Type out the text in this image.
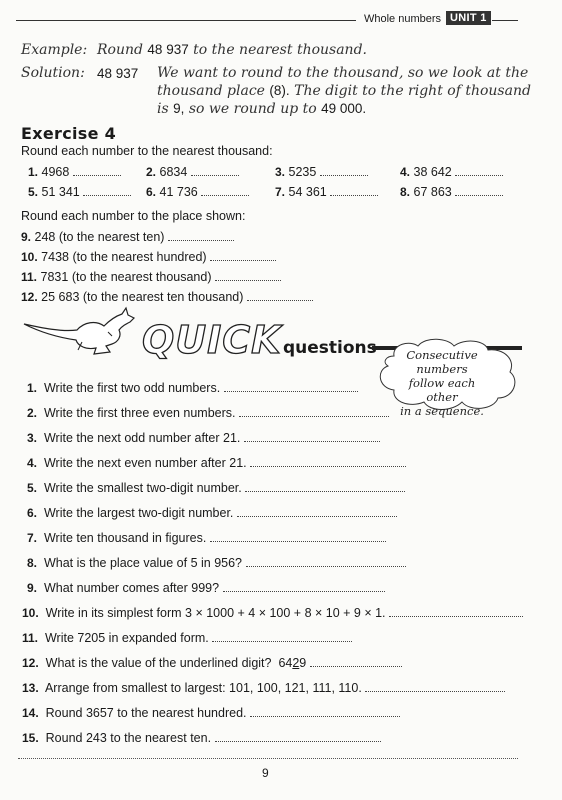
Whole numbers UNIT 1
Example: Round 48 937 to the nearest thousand.
Solution: 48 937 We want to round to the thousand, so we look at the
thousand place (8). The digit to the right of thousand
is 9, so we round up to 49 000.
Exercise 4
Round each number to the nearest thousand:
1. 4968	2. 6834	3. 5235	4. 38 642
5. 51 341	6. 41 736	7. 54 361	8. 67 863
Round each number to the place shown:
9. 248 (to the nearest ten)
10. 7438 (to the nearest hundred)
11. 7831 (to the nearest thousand)
12. 25 683 (to the nearest ten thousand)
QUICK questions	Consecutive
numbers
follow each other
in a sequence.
1. Write the first two odd numbers.
2. Write the first three even numbers.
3. Write the next odd number after 21.
4. Write the next even number after 21.
5. Write the smallest two-digit number.
6. Write the largest two-digit number.
7. Write ten thousand in figures.
8. What is the place value of 5 in 956?
9. What number comes after 999?
10. Write in its simplest form 3 × 1000 + 4 × 100 + 8 × 10 + 9 × 1.
11. Write 7205 in expanded form.
12. What is the value of the underlined digit? 6429
13. Arrange from smallest to largest: 101, 100, 121, 111, 110.
14. Round 3657 to the nearest hundred.
15. Round 243 to the nearest ten.
9
